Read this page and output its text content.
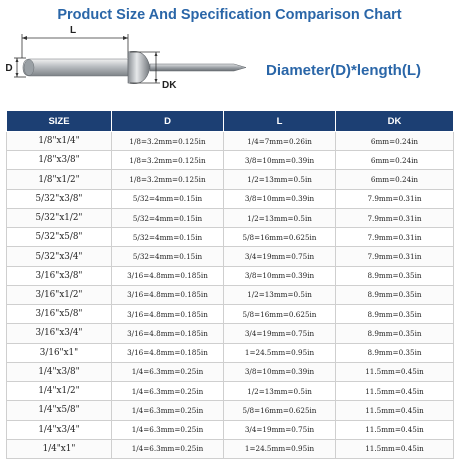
Product Size And Specification Comparison Chart
L
D
DK
Diameter(D)*length(L)
SIZE	D	L	DK
1/8"x1/4"	1/8=3.2mm=0.125in	1/4=7mm=0.26in	6mm=0.24in
1/8"x3/8"	1/8=3.2mm=0.125in	3/8=10mm=0.39in	6mm=0.24in
1/8"x1/2"	1/8=3.2mm=0.125in	1/2=13mm=0.5in	6mm=0.24in
5/32"x3/8"	5/32=4mm=0.15in	3/8=10mm=0.39in	7.9mm=0.31in
5/32"x1/2"	5/32=4mm=0.15in	1/2=13mm=0.5in	7.9mm=0.31in
5/32"x5/8"	5/32=4mm=0.15in	5/8=16mm=0.625in	7.9mm=0.31in
5/32"x3/4"	5/32=4mm=0.15in	3/4=19mm=0.75in	7.9mm=0.31in
3/16"x3/8"	3/16=4.8mm=0.185in	3/8=10mm=0.39in	8.9mm=0.35in
3/16"x1/2"	3/16=4.8mm=0.185in	1/2=13mm=0.5in	8.9mm=0.35in
3/16"x5/8"	3/16=4.8mm=0.185in	5/8=16mm=0.625in	8.9mm=0.35in
3/16"x3/4"	3/16=4.8mm=0.185in	3/4=19mm=0.75in	8.9mm=0.35in
3/16"x1"	3/16=4.8mm=0.185in	1=24.5mm=0.95in	8.9mm=0.35in
1/4"x3/8"	1/4=6.3mm=0.25in	3/8=10mm=0.39in	11.5mm=0.45in
1/4"x1/2"	1/4=6.3mm=0.25in	1/2=13mm=0.5in	11.5mm=0.45in
1/4"x5/8"	1/4=6.3mm=0.25in	5/8=16mm=0.625in	11.5mm=0.45in
1/4"x3/4"	1/4=6.3mm=0.25in	3/4=19mm=0.75in	11.5mm=0.45in
1/4"x1"	1/4=6.3mm=0.25in	1=24.5mm=0.95in	11.5mm=0.45in
